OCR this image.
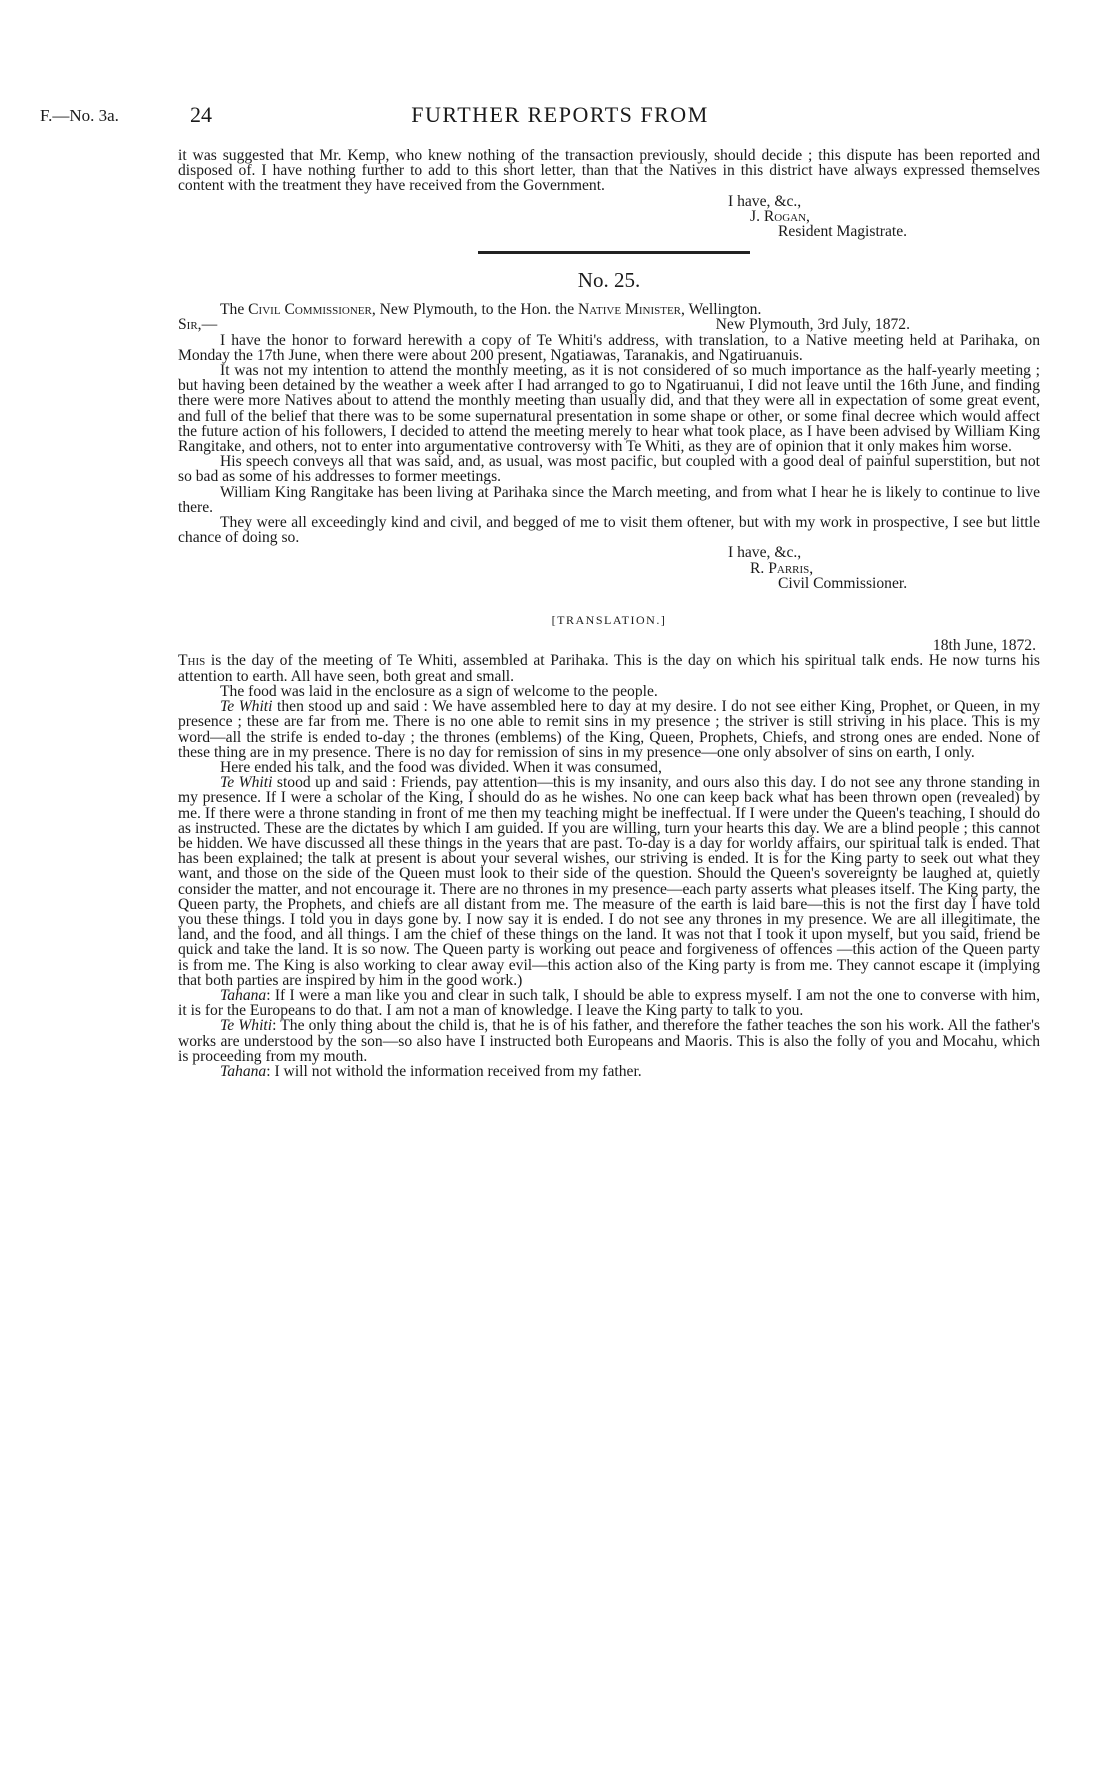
F.—No. 3a.	24	FURTHER REPORTS FROM

it was suggested that Mr. Kemp, who knew nothing of the transaction previously, should decide ; this dispute has been reported and disposed of. I have nothing further to add to this short letter, than that the Natives in this district have always expressed themselves content with the treatment they have received from the Government.

I have, &c.,

J. Rogan,

Resident Magistrate.

No. 25.

The Civil Commissioner, New Plymouth, to the Hon. the Native Minister, Wellington.

Sir,—	New Plymouth, 3rd July, 1872.

I have the honor to forward herewith a copy of Te Whiti's address, with translation, to a Native meeting held at Parihaka, on Monday the 17th June, when there were about 200 present, Ngatiawas, Taranakis, and Ngatiruanuis.

It was not my intention to attend the monthly meeting, as it is not considered of so much importance as the half-yearly meeting ; but having been detained by the weather a week after I had arranged to go to Ngatiruanui, I did not leave until the 16th June, and finding there were more Natives about to attend the monthly meeting than usually did, and that they were all in expectation of some great event, and full of the belief that there was to be some supernatural presentation in some shape or other, or some final decree which would affect the future action of his followers, I decided to attend the meeting merely to hear what took place, as I have been advised by William King Rangitake, and others, not to enter into argumentative controversy with Te Whiti, as they are of opinion that it only makes him worse.

His speech conveys all that was said, and, as usual, was most pacific, but coupled with a good deal of painful superstition, but not so bad as some of his addresses to former meetings.

William King Rangitake has been living at Parihaka since the March meeting, and from what I hear he is likely to continue to live there.

They were all exceedingly kind and civil, and begged of me to visit them oftener, but with my work in prospective, I see but little chance of doing so.

I have, &c.,

R. Parris,

Civil Commissioner.

[TRANSLATION.]

18th June, 1872.

This is the day of the meeting of Te Whiti, assembled at Parihaka. This is the day on which his spiritual talk ends. He now turns his attention to earth. All have seen, both great and small.

The food was laid in the enclosure as a sign of welcome to the people.

Te Whiti then stood up and said : We have assembled here to day at my desire. I do not see either King, Prophet, or Queen, in my presence ; these are far from me. There is no one able to remit sins in my presence ; the striver is still striving in his place. This is my word—all the strife is ended to-day ; the thrones (emblems) of the King, Queen, Prophets, Chiefs, and strong ones are ended. None of these thing are in my presence. There is no day for remission of sins in my presence—one only absolver of sins on earth, I only.

Here ended his talk, and the food was divided. When it was consumed,

Te Whiti stood up and said : Friends, pay attention—this is my insanity, and ours also this day. I do not see any throne standing in my presence. If I were a scholar of the King, I should do as he wishes. No one can keep back what has been thrown open (revealed) by me. If there were a throne standing in front of me then my teaching might be ineffectual. If I were under the Queen's teaching, I should do as instructed. These are the dictates by which I am guided. If you are willing, turn your hearts this day. We are a blind people ; this cannot be hidden. We have discussed all these things in the years that are past. To-day is a day for worldy affairs, our spiritual talk is ended. That has been explained; the talk at present is about your several wishes, our striving is ended. It is for the King party to seek out what they want, and those on the side of the Queen must look to their side of the question. Should the Queen's sovereignty be laughed at, quietly consider the matter, and not encourage it. There are no thrones in my presence—each party asserts what pleases itself. The King party, the Queen party, the Prophets, and chiefs are all distant from me. The measure of the earth is laid bare—this is not the first day I have told you these things. I told you in days gone by. I now say it is ended. I do not see any thrones in my presence. We are all illegitimate, the land, and the food, and all things. I am the chief of these things on the land. It was not that I took it upon myself, but you said, friend be quick and take the land. It is so now. The Queen party is working out peace and forgiveness of offences —this action of the Queen party is from me. The King is also working to clear away evil—this action also of the King party is from me. They cannot escape it (implying that both parties are inspired by him in the good work.)

Tahana: If I were a man like you and clear in such talk, I should be able to express myself. I am not the one to converse with him, it is for the Europeans to do that. I am not a man of knowledge. I leave the King party to talk to you.

Te Whiti: The only thing about the child is, that he is of his father, and therefore the father teaches the son his work. All the father's works are understood by the son—so also have I instructed both Europeans and Maoris. This is also the folly of you and Mocahu, which is proceeding from my mouth.

Tahana: I will not withold the information received from my father.
